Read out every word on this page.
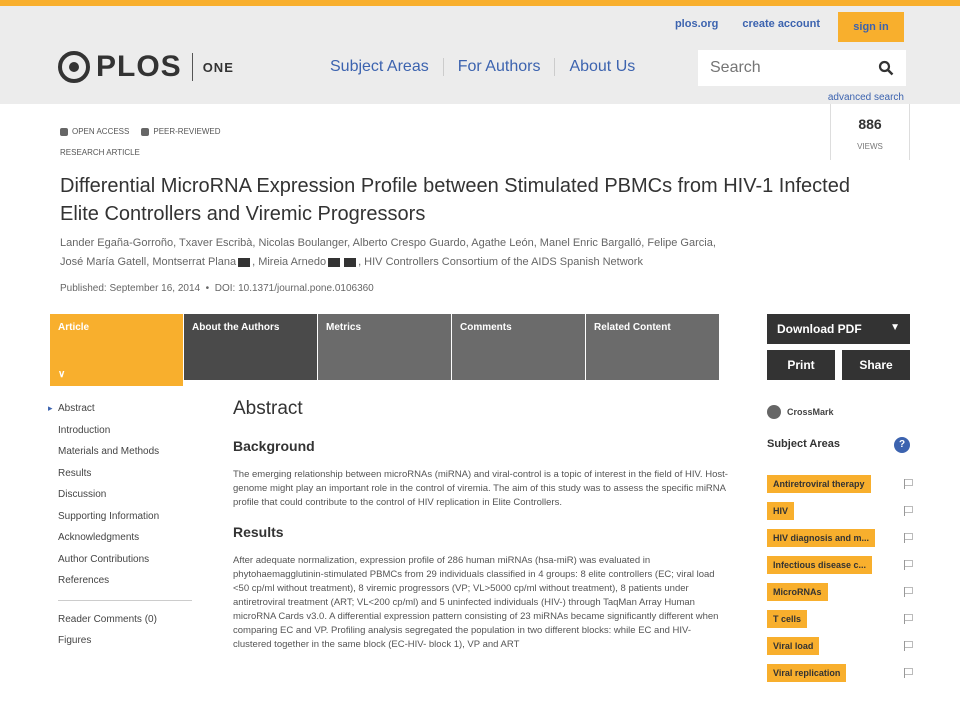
sign in
plos.org create account
PLOS ONE	Subject Areas	For Authors	About Us
Search
advanced search
OPEN ACCESS	PEER-REVIEWED
RESEARCH ARTICLE
886
VIEWS
Differential MicroRNA Expression Profile between Stimulated PBMCs from HIV-1 Infected Elite Controllers and Viremic Progressors
Lander Egaña-Gorroño, Txaver Escribà, Nicolas Boulanger, Alberto Crespo Guardo, Agathe León, Manel Enric Bargalló, Felipe Garcia,
José María Gatell, Montserrat Plana , Mireia Arnedo	, HIV Controllers Consortium of the AIDS Spanish Network
Published: September 16, 2014  •  DOI: 10.1371/journal.pone.0106360
Article
∨
About the Authors	Metrics	Comments	Related Content	Download PDF	▼
Print	Share
▸ Abstract
Introduction
Materials and Methods
Results
Discussion
Supporting Information
Acknowledgments
Author Contributions
References
Reader Comments (0)
Figures
Abstract
Background

The emerging relationship between microRNAs (miRNA) and viral-control is a topic of interest in the field of HIV. Host-genome might play an important role in the control of viremia. The aim of this study was to assess the specific miRNA profile that could contribute to the control of HIV replication in Elite Controllers.

Results

After adequate normalization, expression profile of 286 human miRNAs (hsa-miR) was evaluated in phytohaemagglutinin-stimulated PBMCs from 29 individuals classified in 4 groups: 8 elite controllers (EC; viral load <50 cp/ml without treatment), 8 viremic progressors (VP; VL>5000 cp/ml without treatment), 8 patients under antiretroviral treatment (ART; VL<200 cp/ml) and 5 uninfected individuals (HIV-) through TaqMan Array Human microRNA Cards v3.0. A differential expression pattern consisting of 23 miRNAs became significantly different when comparing EC and VP. Profiling analysis segregated the population in two different blocks: while EC and HIV- clustered together in the same block (EC-HIV- block 1), VP and ART

CrossMark
Subject Areas	?
Antiretroviral therapy
HIV
HIV diagnosis and m...
Infectious disease c...
MicroRNAs
T cells
Viral load
Viral replication
